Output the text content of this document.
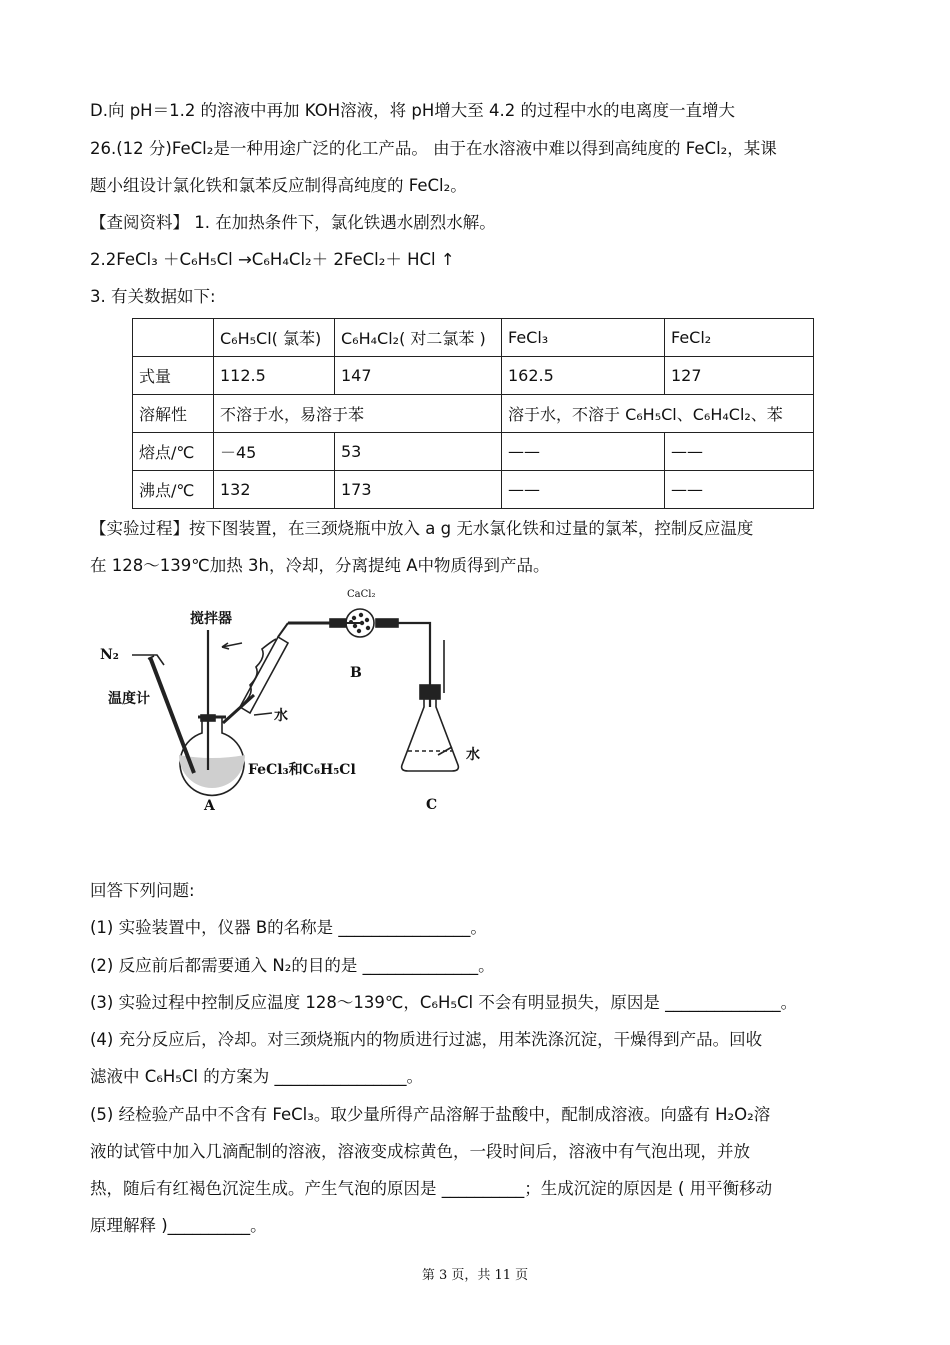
D.向 pH＝1.2 的溶液中再加 KOH溶液，将 pH增大至 4.2 的过程中水的电离度一直增大
26.(12 分)FeCl₂是一种用途广泛的化工产品。 由于在水溶液中难以得到高纯度的 FeCl₂，某课
题小组设计氯化铁和氯苯反应制得高纯度的 FeCl₂。
【查阅资料】 1. 在加热条件下，氯化铁遇水剧烈水解。
2.2FeCl₃ ＋C₆H₅Cl →C₆H₄Cl₂＋ 2FeCl₂＋ HCl ↑
3. 有关数据如下:
	C₆H₅Cl( 氯苯)	C₆H₄Cl₂( 对二氯苯 )	FeCl₃	FeCl₂
式量	112.5	147	162.5	127
溶解性	不溶于水，易溶于苯		溶于水，不溶于 C₆H₅Cl、C₆H₄Cl₂、苯	
熔点/℃	－45	53	——	——
沸点/℃	132	173	——	——
【实验过程】按下图装置，在三颈烧瓶中放入 a g 无水氯化铁和过量的氯苯，控制反应温度
在 128～139℃加热 3h，冷却，分离提纯 A中物质得到产品。
CaCl₂
搅拌器
N₂
温度计
水
FeCl₃和C₆H₅Cl
A
B
C
水
回答下列问题:
(1) 实验装置中，仪器 B的名称是 ________________。
(2) 反应前后都需要通入 N₂的目的是 ______________。
(3) 实验过程中控制反应温度 128～139℃，C₆H₅Cl 不会有明显损失，原因是 ______________。
(4) 充分反应后，冷却。对三颈烧瓶内的物质进行过滤，用苯洗涤沉淀，干燥得到产品。回收
滤液中 C₆H₅Cl 的方案为 ________________。
(5) 经检验产品中不含有 FeCl₃。取少量所得产品溶解于盐酸中，配制成溶液。向盛有 H₂O₂溶
液的试管中加入几滴配制的溶液，溶液变成棕黄色，一段时间后，溶液中有气泡出现，并放
热，随后有红褐色沉淀生成。产生气泡的原因是 __________；生成沉淀的原因是 ( 用平衡移动
原理解释 )__________。
第 3 页，共 11 页
